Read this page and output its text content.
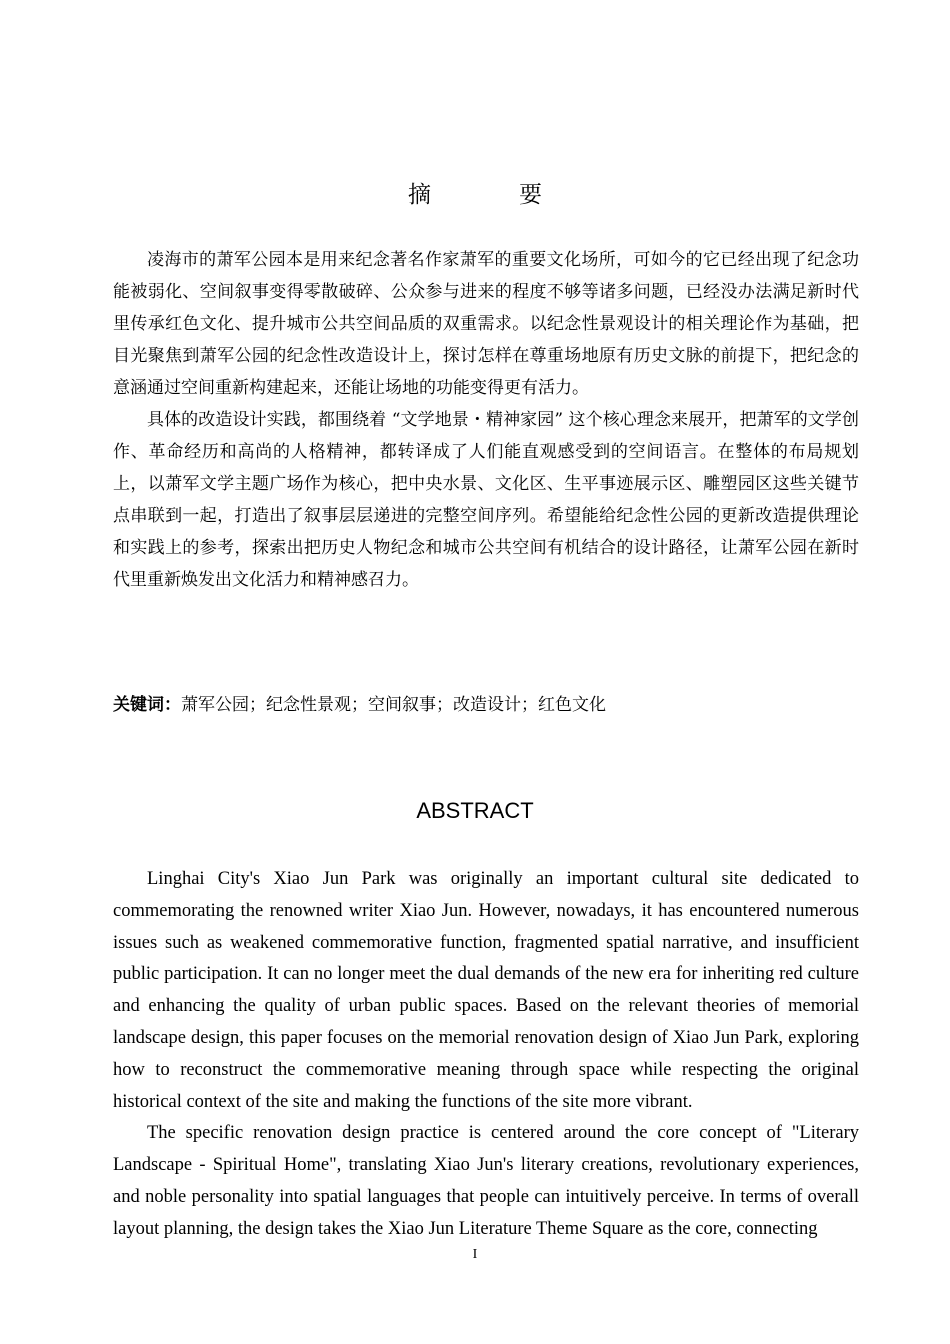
摘	要

凌海市的萧军公园本是用来纪念著名作家萧军的重要文化场所，可如今的它已经出现了纪念功能被弱化、空间叙事变得零散破碎、公众参与进来的程度不够等诸多问题，已经没办法满足新时代里传承红色文化、提升城市公共空间品质的双重需求。以纪念性景观设计的相关理论作为基础，把目光聚焦到萧军公园的纪念性改造设计上，探讨怎样在尊重场地原有历史文脉的前提下，把纪念的意涵通过空间重新构建起来，还能让场地的功能变得更有活力。

具体的改造设计实践，都围绕着 “文学地景・精神家园” 这个核心理念来展开，把萧军的文学创作、革命经历和高尚的人格精神，都转译成了人们能直观感受到的空间语言。在整体的布局规划上，以萧军文学主题广场作为核心，把中央水景、文化区、生平事迹展示区、雕塑园区这些关键节点串联到一起，打造出了叙事层层递进的完整空间序列。希望能给纪念性公园的更新改造提供理论和实践上的参考，探索出把历史人物纪念和城市公共空间有机结合的设计路径，让萧军公园在新时代里重新焕发出文化活力和精神感召力。

关键词：萧军公园；纪念性景观；空间叙事；改造设计；红色文化
ABSTRACT

Linghai City's Xiao Jun Park was originally an important cultural site dedicated to commemorating the renowned writer Xiao Jun. However, nowadays, it has encountered numerous issues such as weakened commemorative function, fragmented spatial narrative, and insufficient public participation. It can no longer meet the dual demands of the new era for inheriting red culture and enhancing the quality of urban public spaces. Based on the relevant theories of memorial landscape design, this paper focuses on the memorial renovation design of Xiao Jun Park, exploring how to reconstruct the commemorative meaning through space while respecting the original historical context of the site and making the functions of the site more vibrant.

The specific renovation design practice is centered around the core concept of "Literary Landscape - Spiritual Home", translating Xiao Jun's literary creations, revolutionary experiences, and noble personality into spatial languages that people can intuitively perceive. In terms of overall layout planning, the design takes the Xiao Jun Literature Theme Square as the core, connecting

I
